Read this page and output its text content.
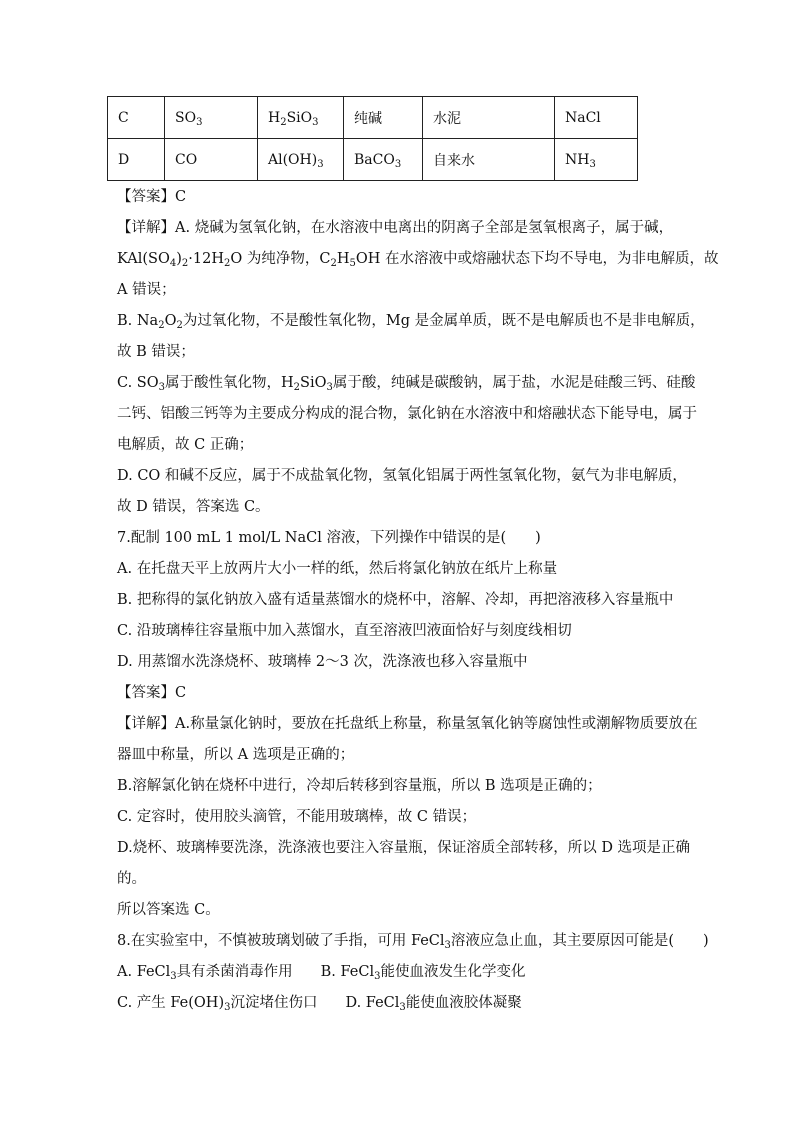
C	$SO_3$	$H_2SiO_3$	纯碱	水泥	NaCl
D	CO	$Al(OH)_3$	BaCO$_3$	自来水	$NH_3$
【答案】C
【详解】A. 烧碱为氢氧化钠，在水溶液中电离出的阴离子全部是氢氧根离子，属于碱，
$KAl(SO_4)_2\cdot 12H_2O$ 为纯净物，$C_2H_5OH$ 在水溶液中或熔融状态下均不导电，为非电解质，故
A 错误；
B. $Na_2O_2$为过氧化物，不是酸性氧化物，Mg 是金属单质，既不是电解质也不是非电解质，
故 B 错误；
C. $SO_3$属于酸性氧化物，$H_2SiO_3$属于酸，纯碱是碳酸钠，属于盐，水泥是硅酸三钙、硅酸
二钙、铝酸三钙等为主要成分构成的混合物，氯化钠在水溶液中和熔融状态下能导电，属于
电解质，故 C 正确；
D. CO 和碱不反应，属于不成盐氧化物，氢氧化铝属于两性氢氧化物，氨气为非电解质，
故 D 错误，答案选 C。
7.配制 100 mL 1 mol/L NaCl 溶液，下列操作中错误的是(　　)
A. 在托盘天平上放两片大小一样的纸，然后将氯化钠放在纸片上称量
B. 把称得的氯化钠放入盛有适量蒸馏水的烧杯中，溶解、冷却，再把溶液移入容量瓶中
C. 沿玻璃棒往容量瓶中加入蒸馏水，直至溶液凹液面恰好与刻度线相切
D. 用蒸馏水洗涤烧杯、玻璃棒 2～3 次，洗涤液也移入容量瓶中
【答案】C
【详解】A.称量氯化钠时，要放在托盘纸上称量，称量氢氧化钠等腐蚀性或潮解物质要放在
器皿中称量，所以 A 选项是正确的；
B.溶解氯化钠在烧杯中进行，冷却后转移到容量瓶，所以 B 选项是正确的；
C. 定容时，使用胶头滴管，不能用玻璃棒，故 C 错误；
D.烧杯、玻璃棒要洗涤，洗涤液也要注入容量瓶，保证溶质全部转移，所以 D 选项是正确
的。
所以答案选 C。
8.在实验室中，不慎被玻璃划破了手指，可用 FeCl$_3$溶液应急止血，其主要原因可能是(　　)
A. FeCl$_3$具有杀菌消毒作用 B. FeCl$_3$能使血液发生化学变化
C. 产生 $Fe(OH)_3$沉淀堵住伤口 D. FeCl$_3$能使血液胶体凝聚
